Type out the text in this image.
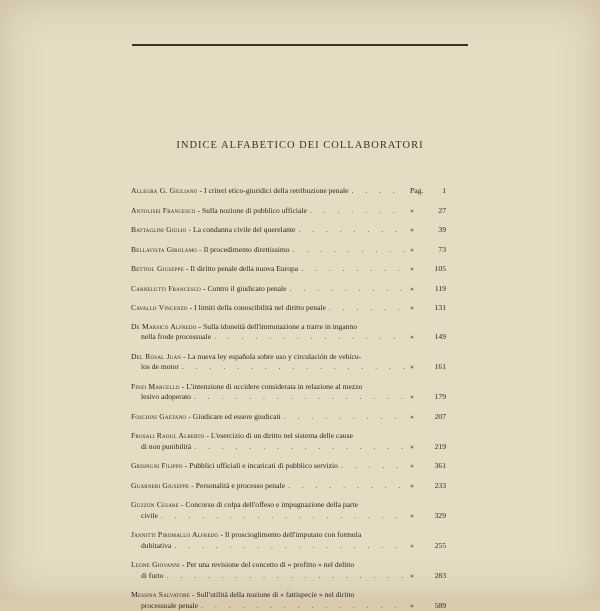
INDICE ALFABETICO DEI COLLABORATORI
Allegra G. Giuliano - I criteri etico-giuridici della retribuzione penale . . .	Pag.	1
Antolisei Francesco - Sulla nozione di pubblico ufficiale . . .	»	27
Battaglini Giulio - La condanna civile del querelante . . .	»	39
Bellavista Girolamo - Il procedimento direttissimo . . .	»	73
Bettiol Giuseppe - Il diritto penale della nuova Europa . . .	»	105
Carnelutti Francesco - Contro il giudicato penale . . .	»	119
Cavallo Vincenzo - I limiti della conoscibilità nel diritto penale . . .	»	131
De Marsico Alfredo - Sulla idoneità dell'immutazione a trarre in inganno
nella frode processuale . . .	»	149
Del Rosal Juan - La nueva ley española sobre uso y circulación de vehícu-
los de motor . . .	»	161
Finzi Marcello - L'intenzione di uccidere considerata in relazione al mezzo
lesivo adoperato . . .	»	179
Foschini Gaetano - Giudicare ed essere giudicati . . .	»	207
Frosali Raoul Alberto - L'esercizio di un diritto nel sistema delle cause
di non punibilità . . .	»	219
Grispigni Filippo - Pubblici ufficiali e incaricati di pubblico servizio . . .	»	361
Guarneri Giuseppe - Personalità e processo penale . . .	»	233
Guzzon Cesare - Concorso di colpa dell'offeso e impugnazione della parte
civile . . .	»	329
Jannitti Piromallo Alfredo - Il proscioglimento dell'imputato con formula
dubitativa . . .	»	255
Leone Giovanni - Per una revisione del concetto di « profitto » nel delitto
di furto . . .	»	283
Messina Salvatore - Sull'utilità della nozione di « fattispecie » nel diritto
processuale penale . . .	»	589
